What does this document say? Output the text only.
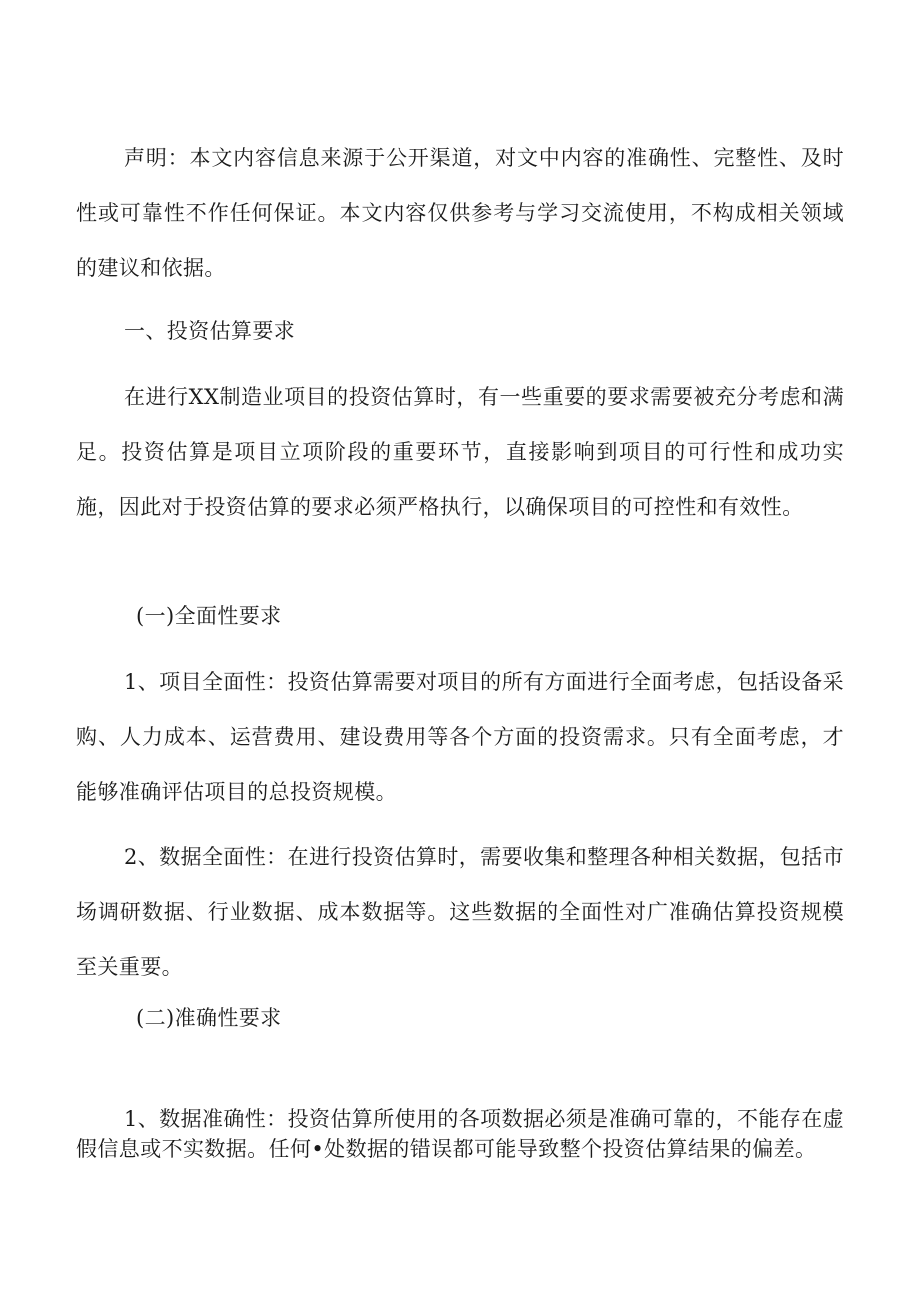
声明：本文内容信息来源于公开渠道，对文中内容的准确性、完整性、及时性或可靠性不作任何保证。本文内容仅供参考与学习交流使用，不构成相关领域的建议和依据。

一、投资估算要求

在进行XX制造业项目的投资估算时，有一些重要的要求需要被充分考虑和满足。投资估算是项目立项阶段的重要环节，直接影响到项目的可行性和成功实施，因此对于投资估算的要求必须严格执行，以确保项目的可控性和有效性。

(一)全面性要求

1、项目全面性：投资估算需要对项目的所有方面进行全面考虑，包括设备采购、人力成本、运营费用、建设费用等各个方面的投资需求。只有全面考虑，才能够准确评估项目的总投资规模。

2、数据全面性：在进行投资估算时，需要收集和整理各种相关数据，包括市场调研数据、行业数据、成本数据等。这些数据的全面性对广准确估算投资规模至关重要。

(二)准确性要求

1、数据准确性：投资估算所使用的各项数据必须是准确可靠的，不能存在虚假信息或不实数据。任何•处数据的错误都可能导致整个投资估算结果的偏差。
